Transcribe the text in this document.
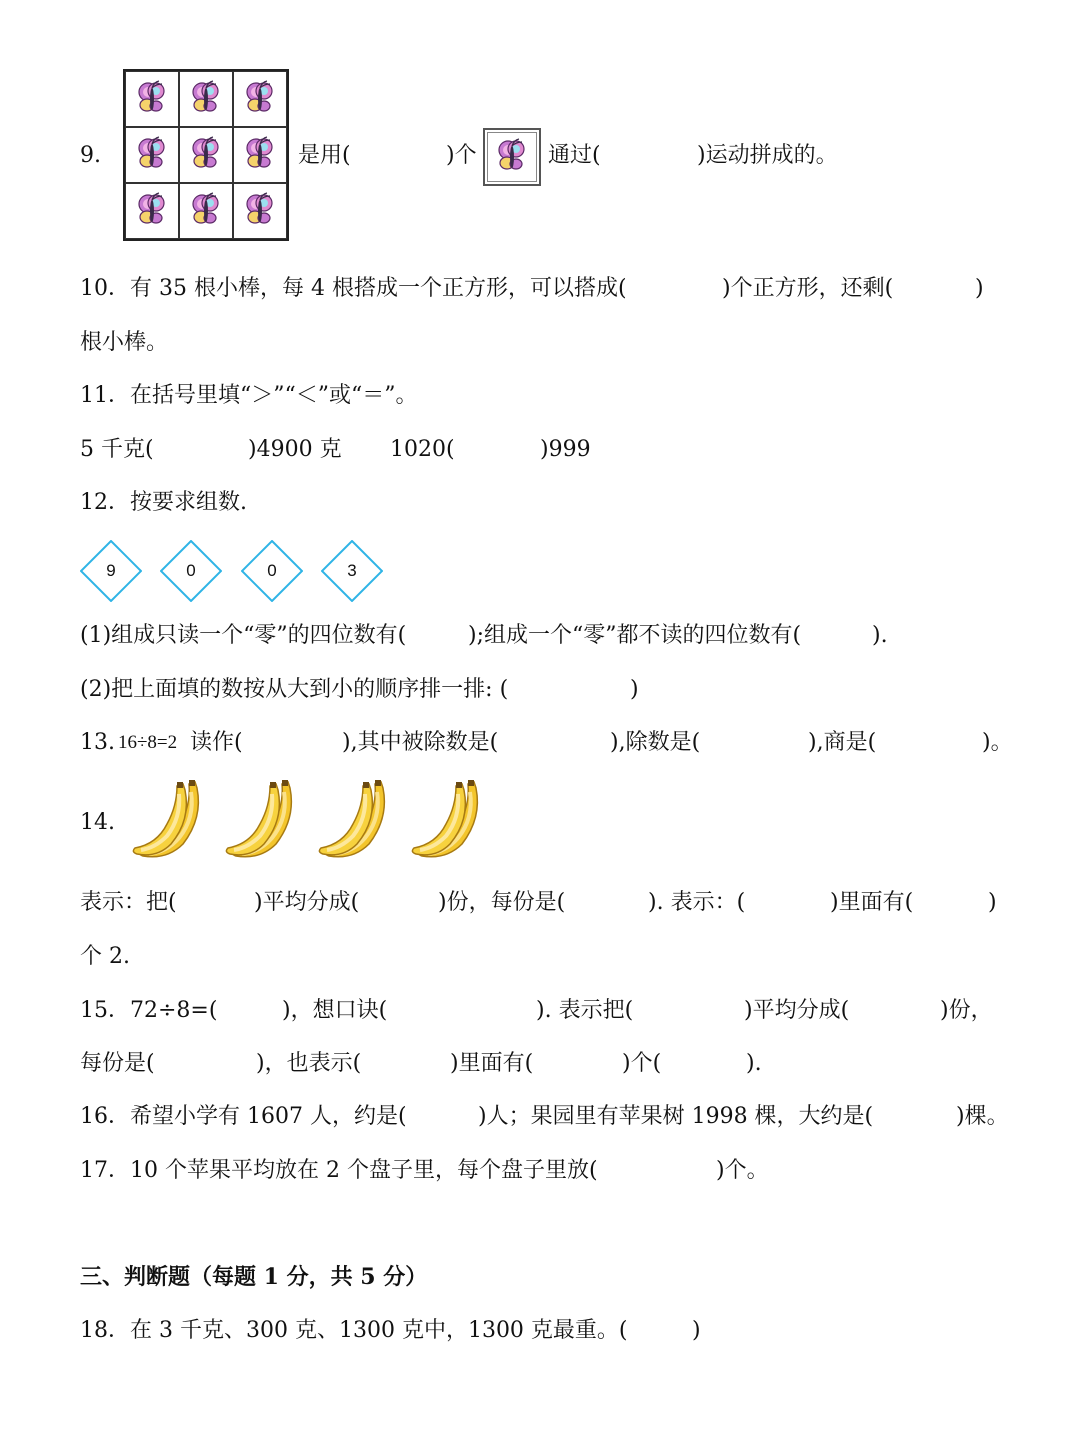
9.	是用(	)个	通过(	)运动拼成的。
10．有 35 根小棒，每 4 根搭成一个正方形，可以搭成(	)个正方形，还剩(	)
根小棒。
11．在括号里填“＞”“＜”或“＝”。
5 千克(	)4900 克 1020(	)999
12．按要求组数.
9	0	0	3
(1)组成只读一个“零”的四位数有(	);组成一个“零”都不读的四位数有(	).
(2)把上面填的数按从大到小的顺序排一排: (	)
13. 16÷8=2 读作(	),其中被除数是(	),除数是(	),商是(	)。
14.
表示：把(	)平均分成(	)份，每份是(	). 表示：(	)里面有(	)
个 2.
15．72÷8=(	)，想口诀(	). 表示把(	)平均分成(	)份，
每份是(	)，也表示(	)里面有(	)个(	).
16．希望小学有 1607 人，约是(	)人；果园里有苹果树 1998 棵，大约是(	)棵。
17．10 个苹果平均放在 2 个盘子里，每个盘子里放(	)个。
三、判断题（每题 1 分，共 5 分）
18．在 3 千克、300 克、1300 克中，1300 克最重。(	)
